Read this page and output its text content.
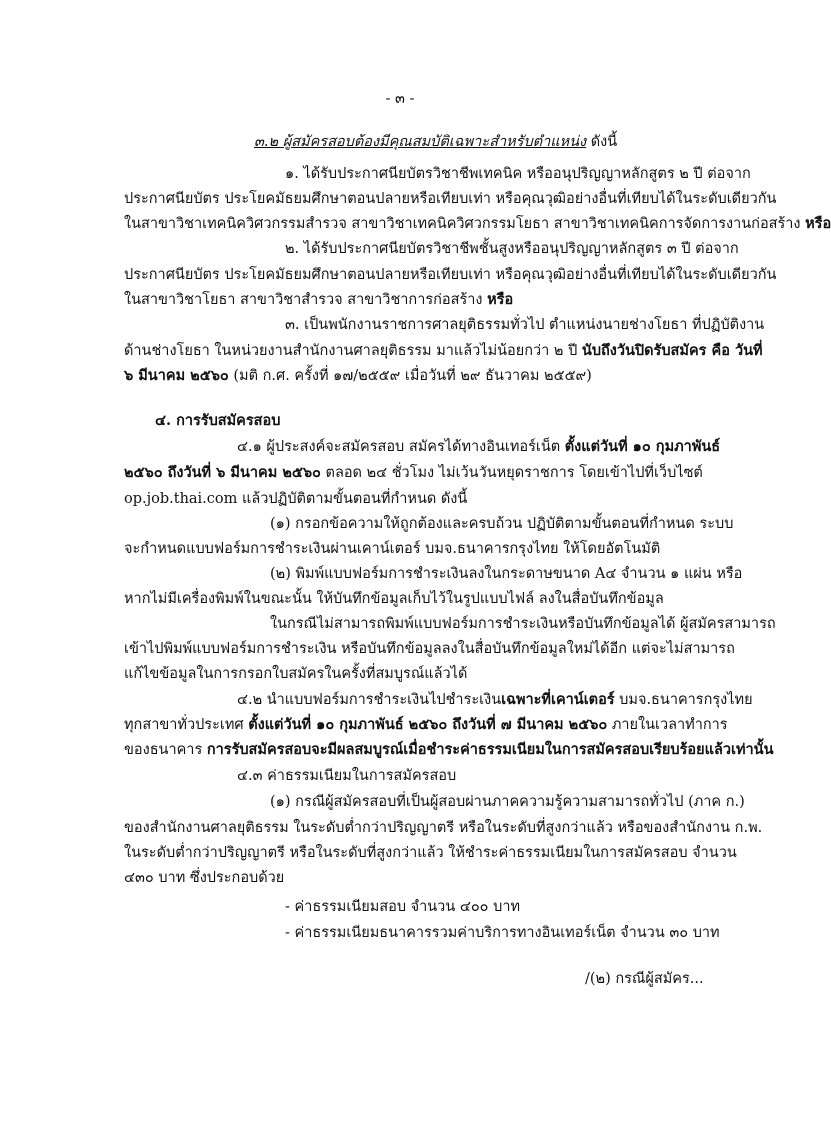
- ๓ -

๓.๒ ผู้สมัครสอบต้องมีคุณสมบัติเฉพาะสำหรับตำแหน่ง ดังนี้

๑. ได้รับประกาศนียบัตรวิชาชีพเทคนิค หรืออนุปริญญาหลักสูตร ๒ ปี ต่อจาก

ประกาศนียบัตร ประโยคมัธยมศึกษาตอนปลายหรือเทียบเท่า หรือคุณวุฒิอย่างอื่นที่เทียบได้ในระดับเดียวกัน

ในสาขาวิชาเทคนิควิศวกรรมสำรวจ สาขาวิชาเทคนิควิศวกรรมโยธา สาขาวิชาเทคนิคการจัดการงานก่อสร้าง หรือ

๒. ได้รับประกาศนียบัตรวิชาชีพชั้นสูงหรืออนุปริญญาหลักสูตร ๓ ปี ต่อจาก

ประกาศนียบัตร ประโยคมัธยมศึกษาตอนปลายหรือเทียบเท่า หรือคุณวุฒิอย่างอื่นที่เทียบได้ในระดับเดียวกัน

ในสาขาวิชาโยธา สาขาวิชาสำรวจ สาขาวิชาการก่อสร้าง หรือ

๓. เป็นพนักงานราชการศาลยุติธรรมทั่วไป ตำแหน่งนายช่างโยธา ที่ปฏิบัติงาน

ด้านช่างโยธา ในหน่วยงานสำนักงานศาลยุติธรรม มาแล้วไม่น้อยกว่า ๒ ปี นับถึงวันปิดรับสมัคร คือ วันที่

๖ มีนาคม ๒๕๖๐ (มติ ก.ศ. ครั้งที่ ๑๗/๒๕๕๙ เมื่อวันที่ ๒๙ ธันวาคม ๒๕๕๙)

๔. การรับสมัครสอบ

๔.๑ ผู้ประสงค์จะสมัครสอบ สมัครได้ทางอินเทอร์เน็ต ตั้งแต่วันที่ ๑๐ กุมภาพันธ์

๒๕๖๐ ถึงวันที่ ๖ มีนาคม ๒๕๖๐ ตลอด ๒๔ ชั่วโมง ไม่เว้นวันหยุดราชการ โดยเข้าไปที่เว็บไซต์

op.job.thai.com แล้วปฏิบัติตามขั้นตอนที่กำหนด ดังนี้

(๑) กรอกข้อความให้ถูกต้องและครบถ้วน ปฏิบัติตามขั้นตอนที่กำหนด ระบบ

จะกำหนดแบบฟอร์มการชำระเงินผ่านเคาน์เตอร์ บมจ.ธนาคารกรุงไทย ให้โดยอัตโนมัติ

(๒) พิมพ์แบบฟอร์มการชำระเงินลงในกระดาษขนาด A๔ จำนวน ๑ แผ่น หรือ

หากไม่มีเครื่องพิมพ์ในขณะนั้น ให้บันทึกข้อมูลเก็บไว้ในรูปแบบไฟล์ ลงในสื่อบันทึกข้อมูล

ในกรณีไม่สามารถพิมพ์แบบฟอร์มการชำระเงินหรือบันทึกข้อมูลได้ ผู้สมัครสามารถ

เข้าไปพิมพ์แบบฟอร์มการชำระเงิน หรือบันทึกข้อมูลลงในสื่อบันทึกข้อมูลใหม่ได้อีก แต่จะไม่สามารถ

แก้ไขข้อมูลในการกรอกใบสมัครในครั้งที่สมบูรณ์แล้วได้

๔.๒ นำแบบฟอร์มการชำระเงินไปชำระเงินเฉพาะที่เคาน์เตอร์ บมจ.ธนาคารกรุงไทย

ทุกสาขาทั่วประเทศ ตั้งแต่วันที่ ๑๐ กุมภาพันธ์ ๒๕๖๐ ถึงวันที่ ๗ มีนาคม ๒๕๖๐ ภายในเวลาทำการ

ของธนาคาร การรับสมัครสอบจะมีผลสมบูรณ์เมื่อชำระค่าธรรมเนียมในการสมัครสอบเรียบร้อยแล้วเท่านั้น

๔.๓ ค่าธรรมเนียมในการสมัครสอบ

(๑) กรณีผู้สมัครสอบที่เป็นผู้สอบผ่านภาคความรู้ความสามารถทั่วไป (ภาค ก.)

ของสำนักงานศาลยุติธรรม ในระดับต่ำกว่าปริญญาตรี หรือในระดับที่สูงกว่าแล้ว หรือของสำนักงาน ก.พ.

ในระดับต่ำกว่าปริญญาตรี หรือในระดับที่สูงกว่าแล้ว ให้ชำระค่าธรรมเนียมในการสมัครสอบ จำนวน

๔๓๐ บาท ซึ่งประกอบด้วย

- ค่าธรรมเนียมสอบ จำนวน ๔๐๐ บาท

- ค่าธรรมเนียมธนาคารรวมค่าบริการทางอินเทอร์เน็ต จำนวน ๓๐ บาท

/(๒) กรณีผู้สมัคร...
